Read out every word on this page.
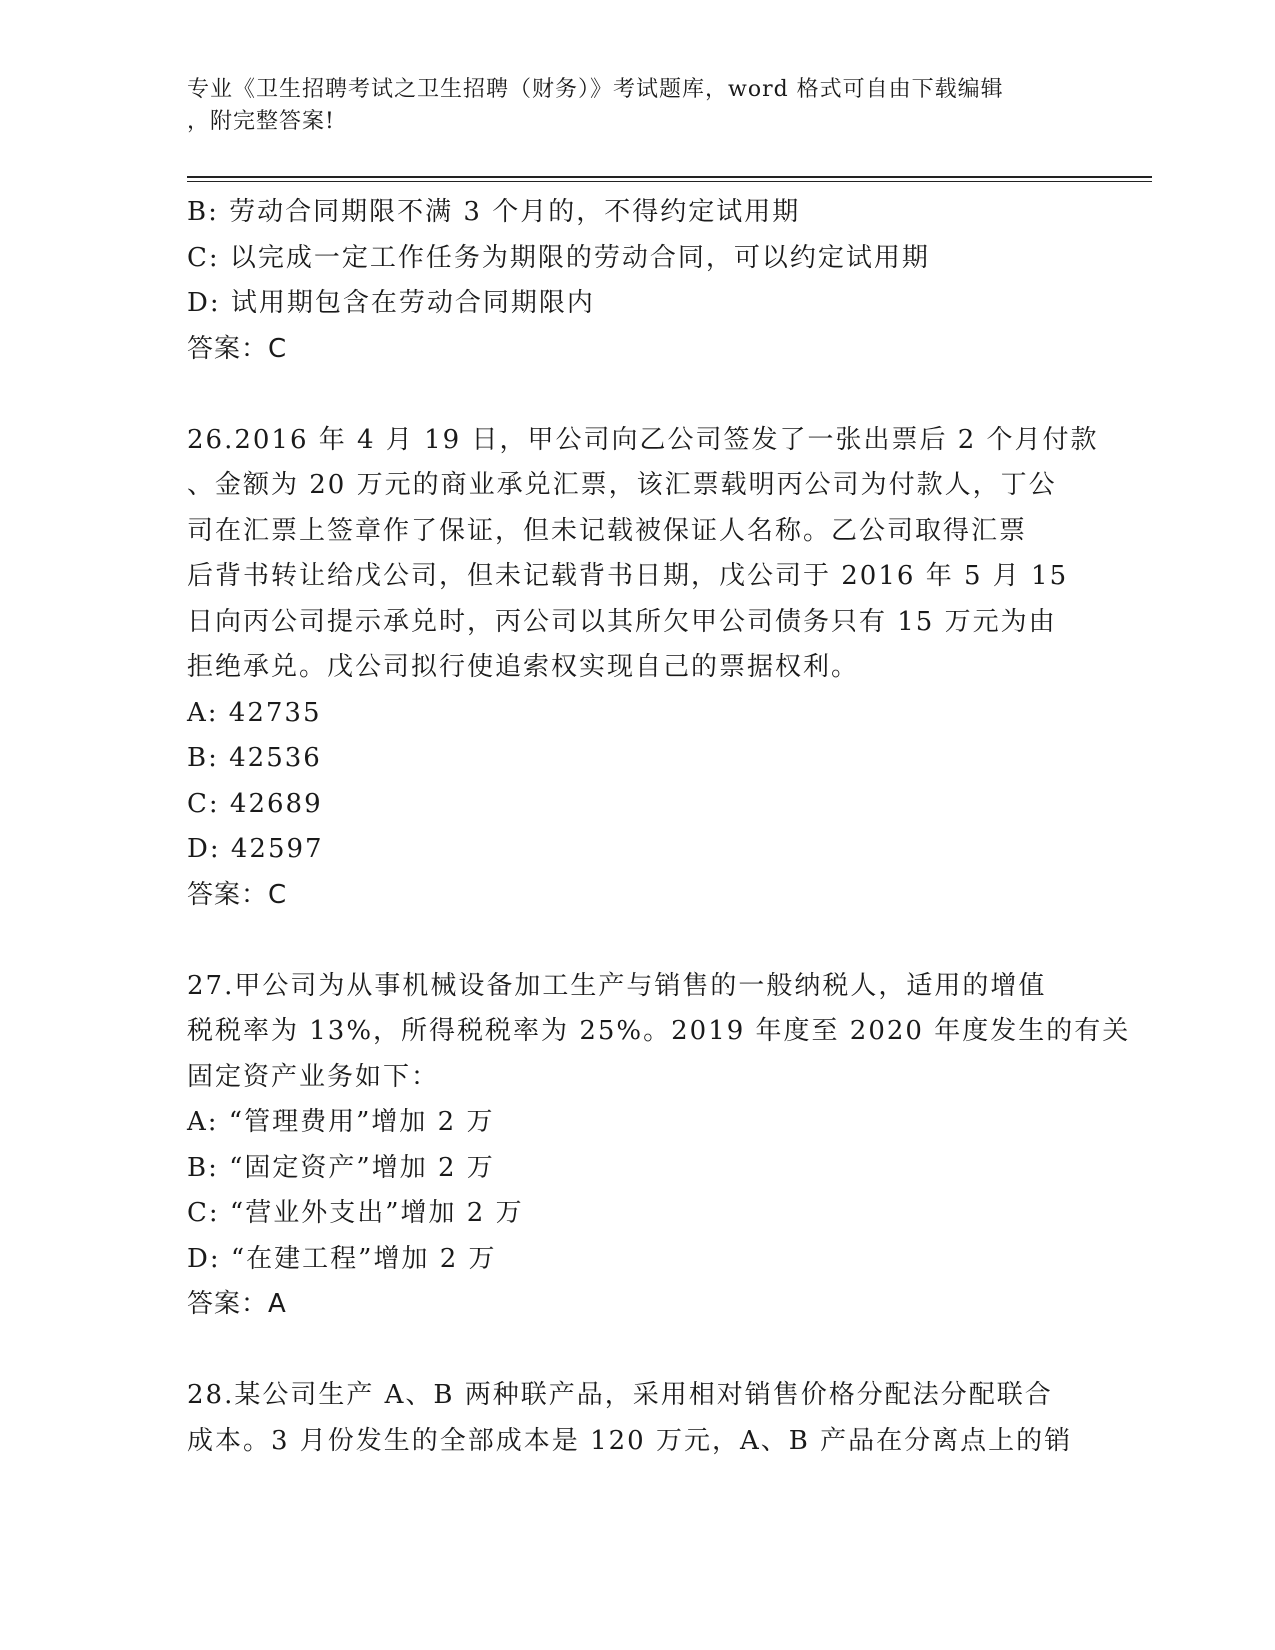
专业《卫生招聘考试之卫生招聘（财务）》考试题库，word 格式可自由下载编辑
，附完整答案!
B: 劳动合同期限不满 3 个月的，不得约定试用期
C: 以完成一定工作任务为期限的劳动合同，可以约定试用期
D: 试用期包含在劳动合同期限内
答案：C
26.2016 年 4 月 19 日，甲公司向乙公司签发了一张出票后 2 个月付款
、金额为 20 万元的商业承兑汇票，该汇票载明丙公司为付款人，丁公
司在汇票上签章作了保证，但未记载被保证人名称。乙公司取得汇票
后背书转让给戊公司，但未记载背书日期，戊公司于 2016 年 5 月 15
日向丙公司提示承兑时，丙公司以其所欠甲公司债务只有 15 万元为由
拒绝承兑。戊公司拟行使追索权实现自己的票据权利。
A: 42735
B: 42536
C: 42689
D: 42597
答案：C
27.甲公司为从事机械设备加工生产与销售的一般纳税人，适用的增值
税税率为 13%，所得税税率为 25%。2019 年度至 2020 年度发生的有关
固定资产业务如下：
A: “管理费用”增加 2 万
B: “固定资产”增加 2 万
C: “营业外支出”增加 2 万
D: “在建工程”增加 2 万
答案：A
28.某公司生产 A、B 两种联产品，采用相对销售价格分配法分配联合
成本。3 月份发生的全部成本是 120 万元，A、B 产品在分离点上的销
